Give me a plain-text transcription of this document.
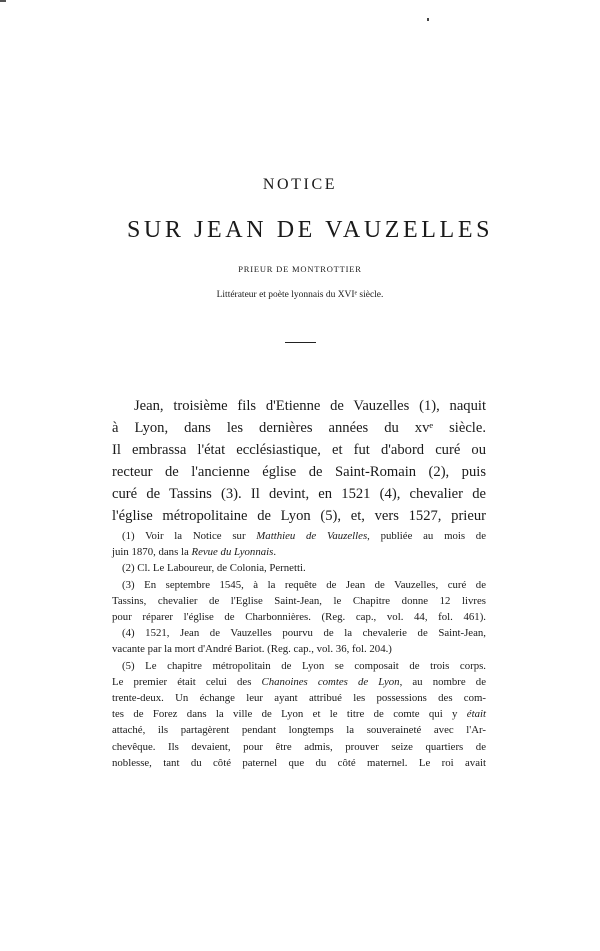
NOTICE
SUR JEAN DE VAUZELLES
PRIEUR DE MONTROTTIER
Littérateur et poète lyonnais du XVIᵉ siècle.
Jean, troisième fils d'Etienne de Vauzelles (1), naquit
à Lyon, dans les dernières années du xvᵉ siècle.
Il embrassa l'état ecclésiastique, et fut d'abord curé ou
recteur de l'ancienne église de Saint-Romain (2), puis
curé de Tassins (3). Il devint, en 1521 (4), chevalier de
l'église métropolitaine de Lyon (5), et, vers 1527, prieur
(1) Voir la Notice sur Matthieu de Vauzelles, publiée au mois de
juin 1870, dans la Revue du Lyonnais.
(2) Cl. Le Laboureur, de Colonia, Pernetti.
(3) En septembre 1545, à la requête de Jean de Vauzelles, curé de
Tassins, chevalier de l'Eglise Saint-Jean, le Chapitre donne 12 livres
pour réparer l'église de Charbonnières. (Reg. cap., vol. 44, fol. 461).
(4) 1521, Jean de Vauzelles pourvu de la chevalerie de Saint-Jean,
vacante par la mort d'André Bariot. (Reg. cap., vol. 36, fol. 204.)
(5) Le chapitre métropolitain de Lyon se composait de trois corps.
Le premier était celui des Chanoines comtes de Lyon, au nombre de
trente-deux. Un échange leur ayant attribué les possessions des com-
tes de Forez dans la ville de Lyon et le titre de comte qui y était
attaché, ils partagèrent pendant longtemps la souveraineté avec l'Ar-
chevêque. Ils devaient, pour être admis, prouver seize quartiers de
noblesse, tant du côté paternel que du côté maternel. Le roi avait
